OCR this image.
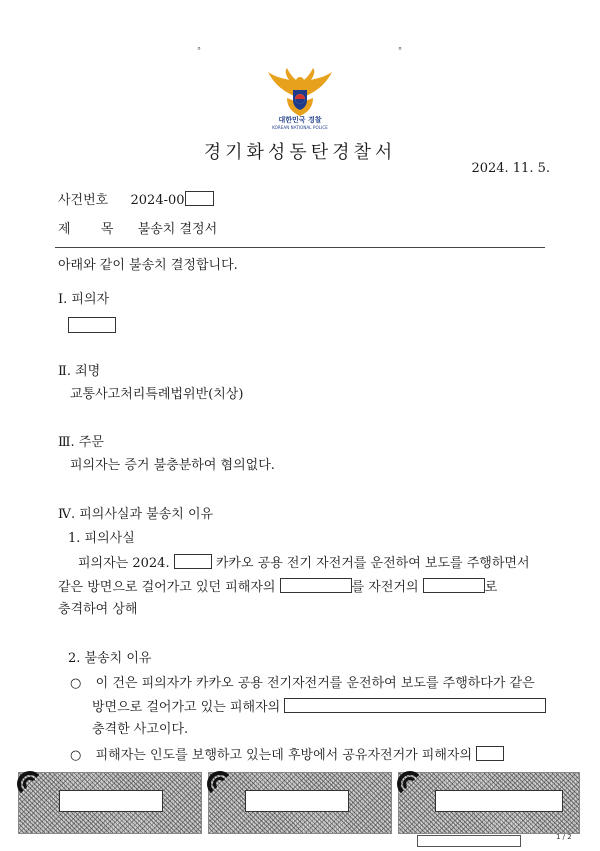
°	°
대한민국 경찰
KOREAN NATIONAL POLICE
경기화성동탄경찰서
2024. 11. 5.
사건번호 2024-00
제 목 불송치 결정서
아래와 같이 불송치 결정합니다.
Ⅰ. 피의자
Ⅱ. 죄명
교통사고처리특례법위반(치상)
Ⅲ. 주문
피의자는 증거 불충분하여 혐의없다.
Ⅳ. 피의사실과 불송치 이유
1. 피의사실
피의자는 2024.	카카오 공용 전기 자전거를 운전하여 보도를 주행하면서
같은 방면으로 걸어가고 있던 피해자의	를 자전거의	로
충격하여 상해
2. 불송치 이유
○ 이 건은 피의자가 카카오 공용 전기자전거를 운전하여 보도를 주행하다가 같은
방면으로 걸어가고 있는 피해자의
충격한 사고이다.
○ 피해자는 인도를 보행하고 있는데 후방에서 공유자전거가 피해자의
1 / 2
